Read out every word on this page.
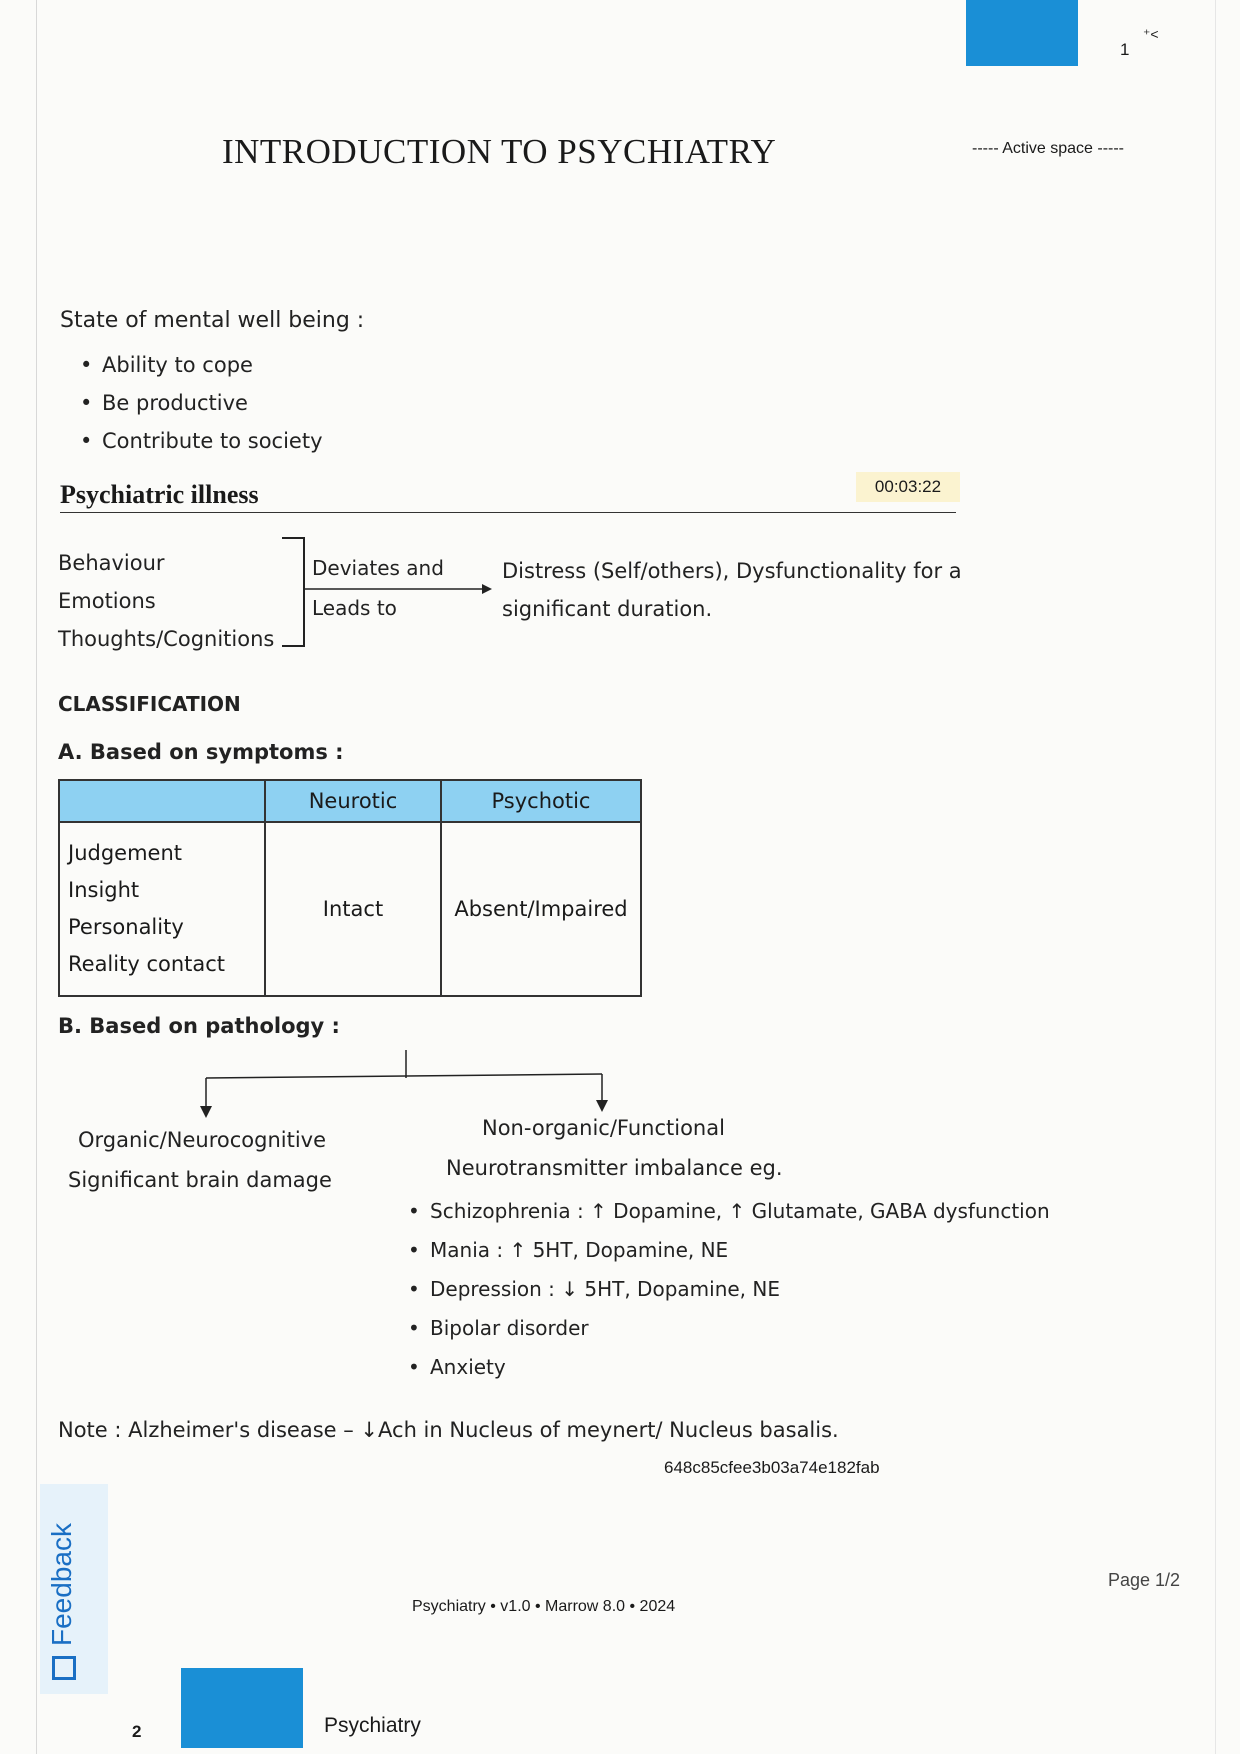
1
⁺˂
INTRODUCTION TO PSYCHIATRY	----- Active space -----
State of mental well being :
• Ability to cope
• Be productive
• Contribute to society
Psychiatric illness	00:03:22
Behaviour
Emotions
Thoughts/Cognitions
Deviates and
Leads to
Distress (Self/others), Dysfunctionality for a
significant duration.
CLASSIFICATION
A. Based on symptoms :
	Neurotic	Psychotic

Judgement
Insight
Personality
Reality contact	Intact	Absent/Impaired
B. Based on pathology :
Organic/Neurocognitive
Significant brain damage
Non-organic/Functional
Neurotransmitter imbalance eg.
• Schizophrenia : ↑ Dopamine, ↑ Glutamate, GABA dysfunction
• Mania : ↑ 5HT, Dopamine, NE
• Depression : ↓ 5HT, Dopamine, NE
• Bipolar disorder
• Anxiety
Note : Alzheimer's disease – ↓Ach in Nucleus of meynert/ Nucleus basalis.
648c85cfee3b03a74e182fab
Feedback	Page 1/2
Psychiatry • v1.0 • Marrow 8.0 • 2024
2	Psychiatry
